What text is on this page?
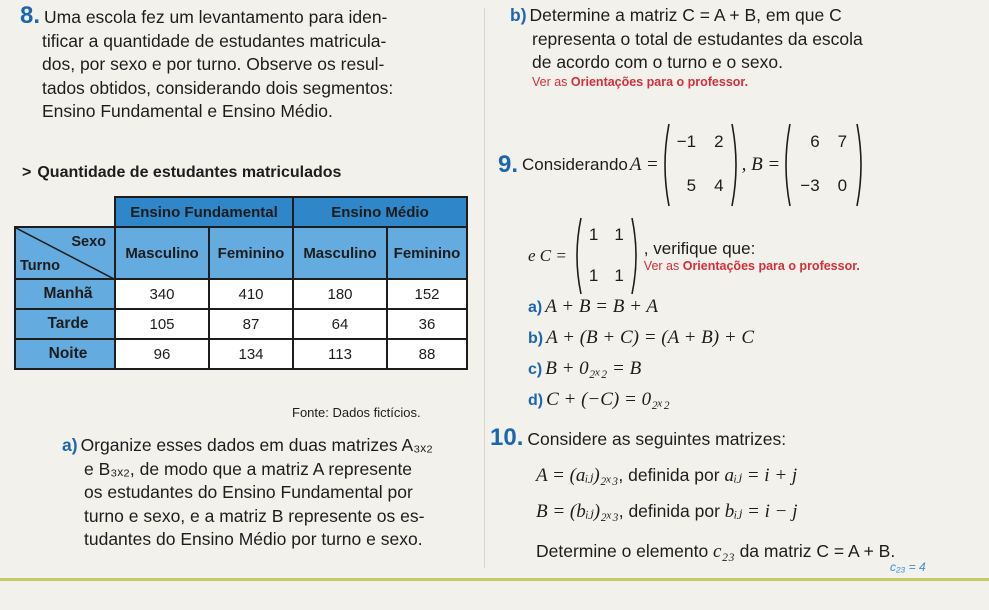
8. Uma escola fez um levantamento para iden-
tificar a quantidade de estudantes matricula-
dos, por sexo e por turno. Observe os resul-
tados obtidos, considerando dois segmentos:
Ensino Fundamental e Ensino Médio.
> Quantidade de estudantes matriculados
	Ensino Fundamental		Ensino Médio	

Sexo
Turno	Masculino	Feminino	Masculino	Feminino
Manhã	340	410	180	152
Tarde	105	87	64	36
Noite	96	134	113	88
Fonte: Dados fictícios.
a) Organize esses dados em duas matrizes A₃ₓ₂
e B₃ₓ₂, de modo que a matriz A represente
os estudantes do Ensino Fundamental por
turno e sexo, e a matriz B represente os es-
tudantes do Ensino Médio por turno e sexo.
b) Determine a matriz C = A + B, em que C
representa o total de estudantes da escola
de acordo com o turno e o sexo.
Ver as Orientações para o professor.
9. Considerando A =
−1 2
5 4
, B =
6 7
−3 0
e C =
1 1
1 1
, verifique que:
Ver as Orientações para o professor.
a) A + B = B + A
b) A + (B + C) = (A + B) + C
c) B + 0₂ₓ₂ = B
d) C + (−C) = 0₂ₓ₂
10. Considere as seguintes matrizes:
A = (aᵢⱼ)₂ₓ₃, definida por aᵢⱼ = i + j
B = (bᵢⱼ)₂ₓ₃, definida por bᵢⱼ = i − j
Determine o elemento c₂₃ da matriz C = A + B.
c₂₃ = 4
